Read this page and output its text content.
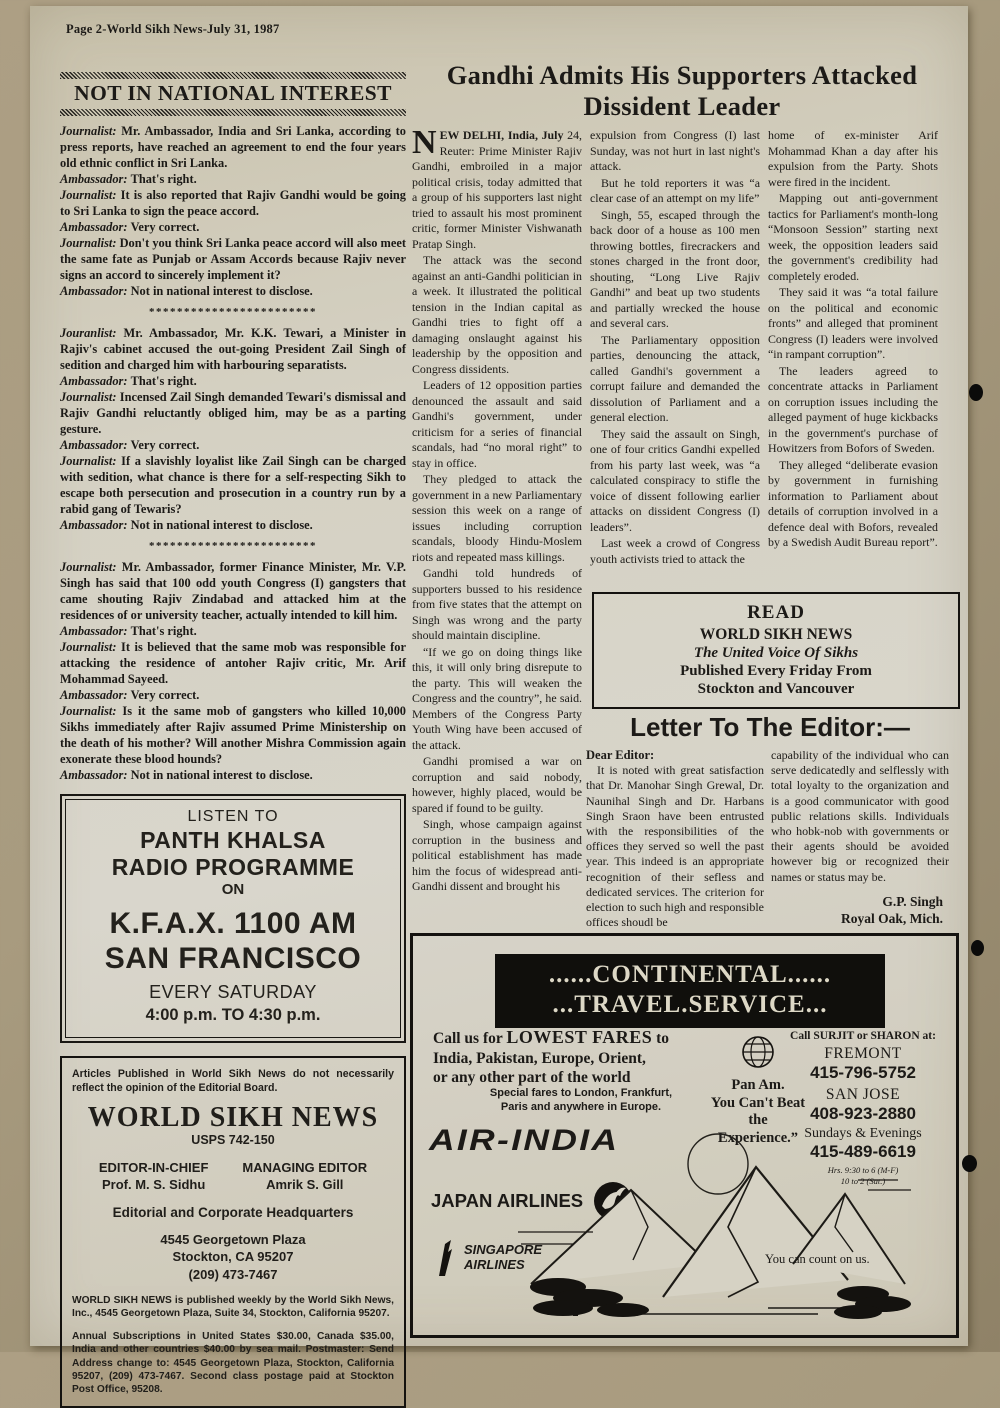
Page 2-World Sikh News-July 31, 1987
NOT IN NATIONAL INTEREST

Journalist: Mr. Ambassador, India and Sri Lanka, according to press reports, have reached an agreement to end the four years old ethnic conflict in Sri Lanka.

Ambassador: That's right.

Journalist: It is also reported that Rajiv Gandhi would be going to Sri Lanka to sign the peace accord.

Ambassador: Very correct.

Journalist: Don't you think Sri Lanka peace accord will also meet the same fate as Punjab or Assam Accords because Rajiv never signs an accord to sincerely implement it?

Ambassador: Not in national interest to disclose.

************************

Jouranlist: Mr. Ambassador, Mr. K.K. Tewari, a Minister in Rajiv's cabinet accused the out-going President Zail Singh of sedition and charged him with harbouring separatists.

Ambassador: That's right.

Journalist: Incensed Zail Singh demanded Tewari's dismissal and Rajiv Gandhi reluctantly obliged him, may be as a parting gesture.

Ambassador: Very correct.

Journalist: If a slavishly loyalist like Zail Singh can be charged with sedition, what chance is there for a self-respecting Sikh to escape both persecution and prosecution in a country run by a rabid gang of Tewaris?

Ambassador: Not in national interest to disclose.

************************

Journalist: Mr. Ambassador, former Finance Minister, Mr. V.P. Singh has said that 100 odd youth Congress (I) gangsters that came shouting Rajiv Zindabad and attacked him at the residences of or university teacher, actually intended to kill him.

Ambassador: That's right.

Journalist: It is believed that the same mob was responsible for attacking the residence of antoher Rajiv critic, Mr. Arif Mohammad Sayeed.

Ambassador: Very correct.

Journalist: Is it the same mob of gangsters who killed 10,000 Sikhs immediately after Rajiv assumed Prime Ministership on the death of his mother? Will another Mishra Commission again exonerate these blood hounds?

Ambassador: Not in national interest to disclose.

LISTEN TO
PANTH KHALSA
RADIO PROGRAMME
ON
K.F.A.X. 1100 AM
SAN FRANCISCO
EVERY SATURDAY
4:00 p.m. TO 4:30 p.m.
Articles Published in World Sikh News do not necessarily reflect the opinion of the Editorial Board.
WORLD SIKH NEWS
USPS 742-150
EDITOR-IN-CHIEF
Prof. M. S. Sidhu
MANAGING EDITOR
Amrik S. Gill
Editorial and Corporate Headquarters
4545 Georgetown Plaza
Stockton, CA 95207
(209) 473-7467

WORLD SIKH NEWS is published weekly by the World Sikh News, Inc., 4545 Georgetown Plaza, Suite 34, Stockton, California 95207.

Annual Subscriptions in United States $30.00, Canada $35.00, India and other countries $40.00 by sea mail. Postmaster: Send Address change to: 4545 Georgetown Plaza, Stockton, California 95207, (209) 473-7467. Second class postage paid at Stockton Post Office, 95208.

Gandhi Admits His Supporters Attacked
Dissident Leader

NEW DELHI, India, July 24, Reuter: Prime Minister Rajiv Gandhi, embroiled in a major political crisis, today admitted that a group of his supporters last night tried to assault his most prominent critic, former Minister Vishwanath Pratap Singh.

The attack was the second against an anti-Gandhi politician in a week. It illustrated the political tension in the Indian capital as Gandhi tries to fight off a damaging onslaught against his leadership by the opposition and Congress dissidents.

Leaders of 12 opposition parties denounced the assault and said Gandhi's government, under criticism for a series of financial scandals, had “no moral right” to stay in office.

They pledged to attack the government in a new Parliamentary session this week on a range of issues including corruption scandals, bloody Hindu-Moslem riots and repeated mass killings.

Gandhi told hundreds of supporters bussed to his residence from five states that the attempt on Singh was wrong and the party should maintain discipline.

“If we go on doing things like this, it will only bring disrepute to the party. This will weaken the Congress and the country”, he said. Members of the Congress Party Youth Wing have been accused of the attack.

Gandhi promised a war on corruption and said nobody, however, highly placed, would be spared if found to be guilty.

Singh, whose campaign against corruption in the business and political establishment has made him the focus of widespread anti-Gandhi dissent and brought his

expulsion from Congress (I) last Sunday, was not hurt in last night's attack.

But he told reporters it was “a clear case of an attempt on my life”

Singh, 55, escaped through the back door of a house as 100 men throwing bottles, firecrackers and stones charged in the front door, shouting, “Long Live Rajiv Gandhi” and beat up two students and partially wrecked the house and several cars.

The Parliamentary opposition parties, denouncing the attack, called Gandhi's government a corrupt failure and demanded the dissolution of Parliament and a general election.

They said the assault on Singh, one of four critics Gandhi expelled from his party last week, was “a calculated conspiracy to stifle the voice of dissent following earlier attacks on dissident Congress (I) leaders”.

Last week a crowd of Congress youth activists tried to attack the

home of ex-minister Arif Mohammad Khan a day after his expulsion from the Party. Shots were fired in the incident.

Mapping out anti-government tactics for Parliament's month-long “Monsoon Session” starting next week, the opposition leaders said the government's credibility had completely eroded.

They said it was “a total failure on the political and economic fronts” and alleged that prominent Congress (I) leaders were involved “in rampant corruption”.

The leaders agreed to concentrate attacks in Parliament on corruption issues including the alleged payment of huge kickbacks in the government's purchase of Howitzers from Bofors of Sweden.

They alleged “deliberate evasion by government in furnishing information to Parliament about details of corruption involved in a defence deal with Bofors, revealed by a Swedish Audit Bureau report”.

READ
WORLD SIKH NEWS
The United Voice Of Sikhs
Published Every Friday From
Stockton and Vancouver
Letter To The Editor:—

Dear Editor:

It is noted with great satisfaction that Dr. Manohar Singh Grewal, Dr. Naunihal Singh and Dr. Harbans Singh Sraon have been entrusted with the responsibilities of the offices they served so well the past year. This indeed is an appropriate recognition of their sefless and dedicated services. The criterion for election to such high and responsible offices shoudl be

capability of the individual who can serve dedicatedly and selflessly with total loyalty to the organization and is a good communicator with good public relations skills. Individuals who hobk-nob with governments or their agents should be avoided however big or recognized their names or status may be.

G.P. Singh
Royal Oak, Mich.
......CONTINENTAL......
...TRAVEL.SERVICE...
Call us for LOWEST FARES to
India, Pakistan, Europe, Orient,
or any other part of the world
Special fares to London, Frankfurt,
Paris and anywhere in Europe.
AIR-INDIA
JAPAN AIRLINES
SINGAPORE
AIRLINES
Pan Am.
You Can't Beat
the
Experience.”
Call SURJIT or SHARON at:
FREMONT
415-796-5752
SAN JOSE
408-923-2880
Sundays & Evenings
415-489-6619
Hrs. 9:30 to 6 (M-F)
10 to 2 (Sat.)
You can count on us.
